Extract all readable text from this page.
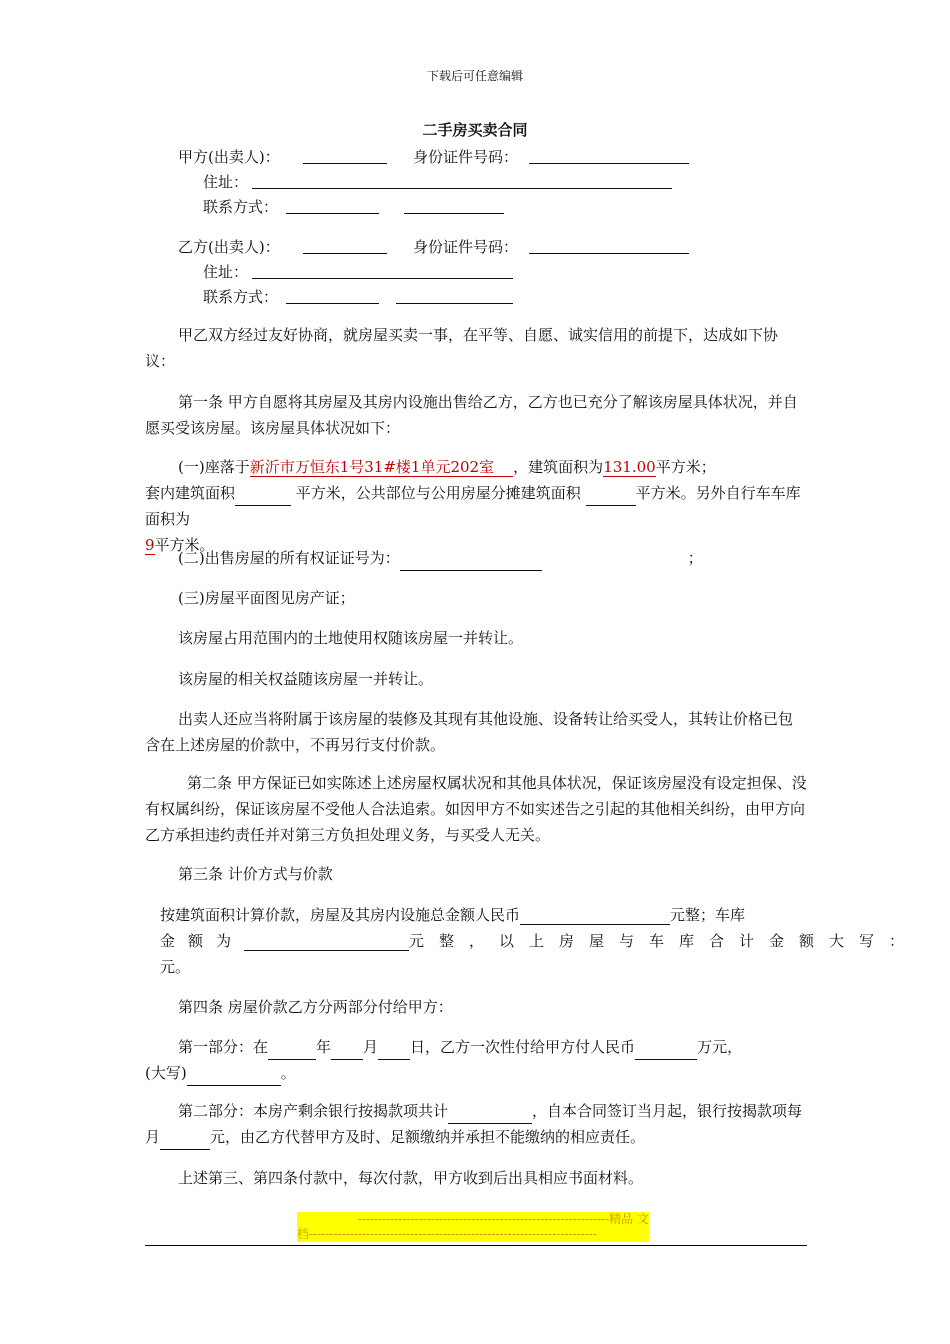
下载后可任意编辑
二手房买卖合同
甲方(出卖人)：	身份证件号码：
住址：
联系方式：
乙方(出卖人)：	身份证件号码：
住址：
联系方式：
甲乙双方经过友好协商，就房屋买卖一事，在平等、自愿、诚实信用的前提下，达成如下协议：
第一条 甲方自愿将其房屋及其房内设施出售给乙方，乙方也已充分了解该房屋具体状况，并自愿买受该房屋。该房屋具体状况如下：
(一)座落于新沂市万恒东1号31#楼1单元202室 ，建筑面积为131.00平方米；
套内建筑面积	平方米，公共部位与公用房屋分摊建筑面积	平方米。另外自行车车库面积为
9平方米。
(二)出售房屋的所有权证证号为：	；
(三)房屋平面图见房产证；
该房屋占用范围内的土地使用权随该房屋一并转让。
该房屋的相关权益随该房屋一并转让。
出卖人还应当将附属于该房屋的装修及其现有其他设施、设备转让给买受人，其转让价格已包含在上述房屋的价款中，不再另行支付价款。
第二条 甲方保证已如实陈述上述房屋权属状况和其他具体状况，保证该房屋没有设定担保、没有权属纠纷，保证该房屋不受他人合法追索。如因甲方不如实述告之引起的其他相关纠纷，由甲方向乙方承担违约责任并对第三方负担处理义务，与买受人无关。
第三条 计价方式与价款
按建筑面积计算价款，房屋及其房内设施总金额人民币	元整；车库
金额为	元整，以上房屋与车库合计金额大写：
元。
第四条 房屋价款乙方分两部分付给甲方：
第一部分：在	年 月 日，乙方一次性付给甲方付人民币	万元，
(大写)	。
第二部分：本房产剩余银行按揭款项共计	，自本合同签订当月起，银行按揭款项每月	元，由乙方代替甲方及时、足额缴纳并承担不能缴纳的相应责任。
上述第三、第四条付款中，每次付款，甲方收到后出具相应书面材料。
--------------------------------------------------------------精品 文
档-----------------------------------------------------------------------
